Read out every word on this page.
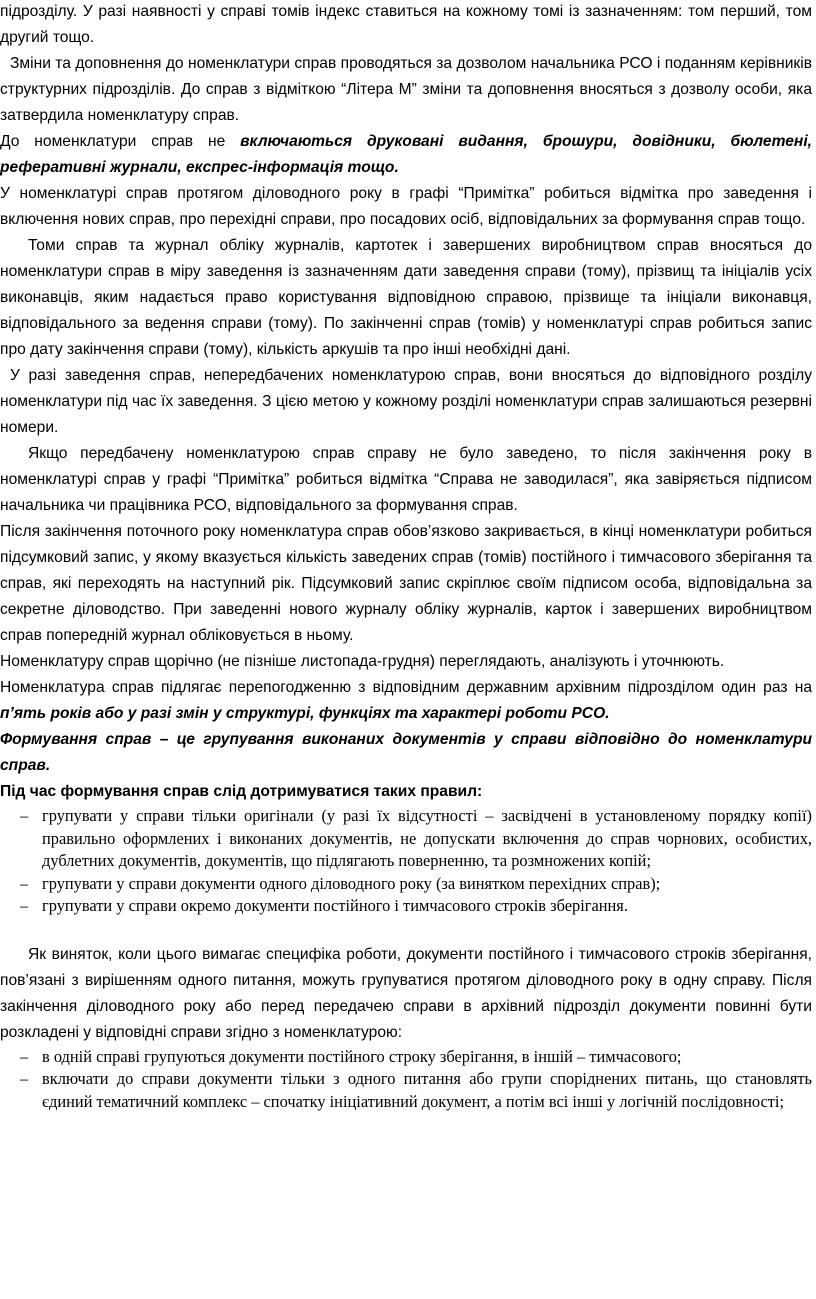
підрозділу. У разі наявності у справі томів індекс ставиться на кожному томі із зазначенням: том перший, том другий тощо.

Зміни та доповнення до номенклатури справ проводяться за дозволом начальника РСО і поданням керівників структурних підрозділів. До справ з відміткою “Літера М” зміни та доповнення вносяться з дозволу особи, яка затвердила номенклатуру справ.

До номенклатури справ не включаються друковані видання, брошури, довідники, бюлетені, реферативні журнали, експрес-інформація тощо.

У номенклатурі справ протягом діловодного року в графі “Примітка” робиться відмітка про заведення і включення нових справ, про перехідні справи, про посадових осіб, відповідальних за формування справ тощо.

Томи справ та журнал обліку журналів, картотек і завершених виробництвом справ вносяться до номенклатури справ в міру заведення із зазначенням дати заведення справи (тому), прізвищ та ініціалів усіх виконавців, яким надається право користування відповідною справою, прізвище та ініціали виконавця, відповідального за ведення справи (тому). По закінченні справ (томів) у номенклатурі справ робиться запис про дату закінчення справи (тому), кількість аркушів та про інші необхідні дані.

У разі заведення справ, непередбачених номенклатурою справ, вони вносяться до відповідного розділу номенклатури під час їх заведення. З цією метою у кожному розділі номенклатури справ залишаються резервні номери.

Якщо передбачену номенклатурою справ справу не було заведено, то після закінчення року в номенклатурі справ у графі “Примітка” робиться відмітка “Справа не заводилася”, яка завіряється підписом начальника чи працівника РСО, відповідального за формування справ.

Після закінчення поточного року номенклатура справ обов’язково закривається, в кінці номенклатури робиться підсумковий запис, у якому вказується кількість заведених справ (томів) постійного і тимчасового зберігання та справ, які переходять на наступний рік. Підсумковий запис скріплює своїм підписом особа, відповідальна за секретне діловодство. При заведенні нового журналу обліку журналів, карток і завершених виробництвом справ попередній журнал обліковується в ньому.

Номенклатуру справ щорічно (не пізніше листопада-грудня) переглядають, аналізують і уточнюють.

Номенклатура справ підлягає перепогодженню з відповідним державним архівним підрозділом один раз на п’ять років або у разі змін у структурі, функціях та характері роботи РСО.

Формування справ – це групування виконаних документів у справи відповідно до номенклатури справ.

Під час формування справ слід дотримуватися таких правил:

– групувати у справи тільки оригінали (у разі їх відсутності – засвідчені в установленому порядку копії) правильно оформлених і виконаних документів, не допускати включення до справ чорнових, особистих, дублетних документів, документів, що підлягають поверненню, та розмножених копій;
– групувати у справи документи одного діловодного року (за винятком перехідних справ);
– групувати у справи окремо документи постійного і тимчасового строків зберігання.

Як виняток, коли цього вимагає специфіка роботи, документи постійного і тимчасового строків зберігання, пов’язані з вирішенням одного питання, можуть групуватися протягом діловодного року в одну справу. Після закінчення діловодного року або перед передачею справи в архівний підрозділ документи повинні бути розкладені у відповідні справи згідно з номенклатурою:

– в одній справі групуються документи постійного строку зберігання, в іншій – тимчасового;
– включати до справи документи тільки з одного питання або групи споріднених питань, що становлять єдиний тематичний комплекс – спочатку ініціативний документ, а потім всі інші у логічній послідовності;
